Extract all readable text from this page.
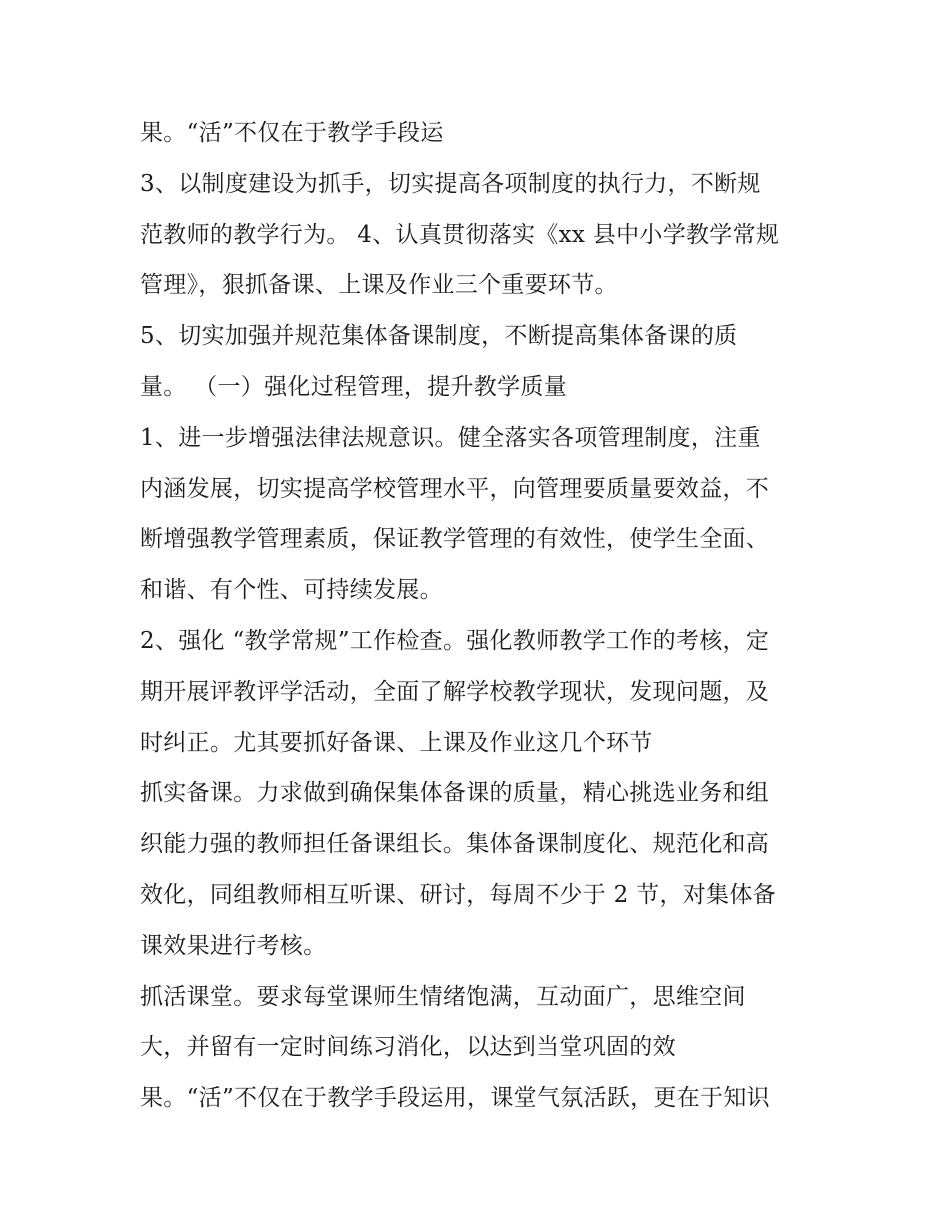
果。“活”不仅在于教学手段运
3、以制度建设为抓手，切实提高各项制度的执行力，不断规
范教师的教学行为。 4、认真贯彻落实《xx 县中小学教学常规
管理》，狠抓备课、上课及作业三个重要环节。
5、切实加强并规范集体备课制度，不断提高集体备课的质
量。 （一）强化过程管理，提升教学质量
1、进一步增强法律法规意识。健全落实各项管理制度，注重
内涵发展，切实提高学校管理水平，向管理要质量要效益，不
断增强教学管理素质，保证教学管理的有效性，使学生全面、
和谐、有个性、可持续发展。
2、强化 “教学常规”工作检查。强化教师教学工作的考核，定
期开展评教评学活动，全面了解学校教学现状，发现问题，及
时纠正。尤其要抓好备课、上课及作业这几个环节
抓实备课。力求做到确保集体备课的质量，精心挑选业务和组
织能力强的教师担任备课组长。集体备课制度化、规范化和高
效化，同组教师相互听课、研讨，每周不少于 2 节，对集体备
课效果进行考核。
抓活课堂。要求每堂课师生情绪饱满，互动面广，思维空间
大，并留有一定时间练习消化，以达到当堂巩固的效
果。“活”不仅在于教学手段运用，课堂气氛活跃，更在于知识
